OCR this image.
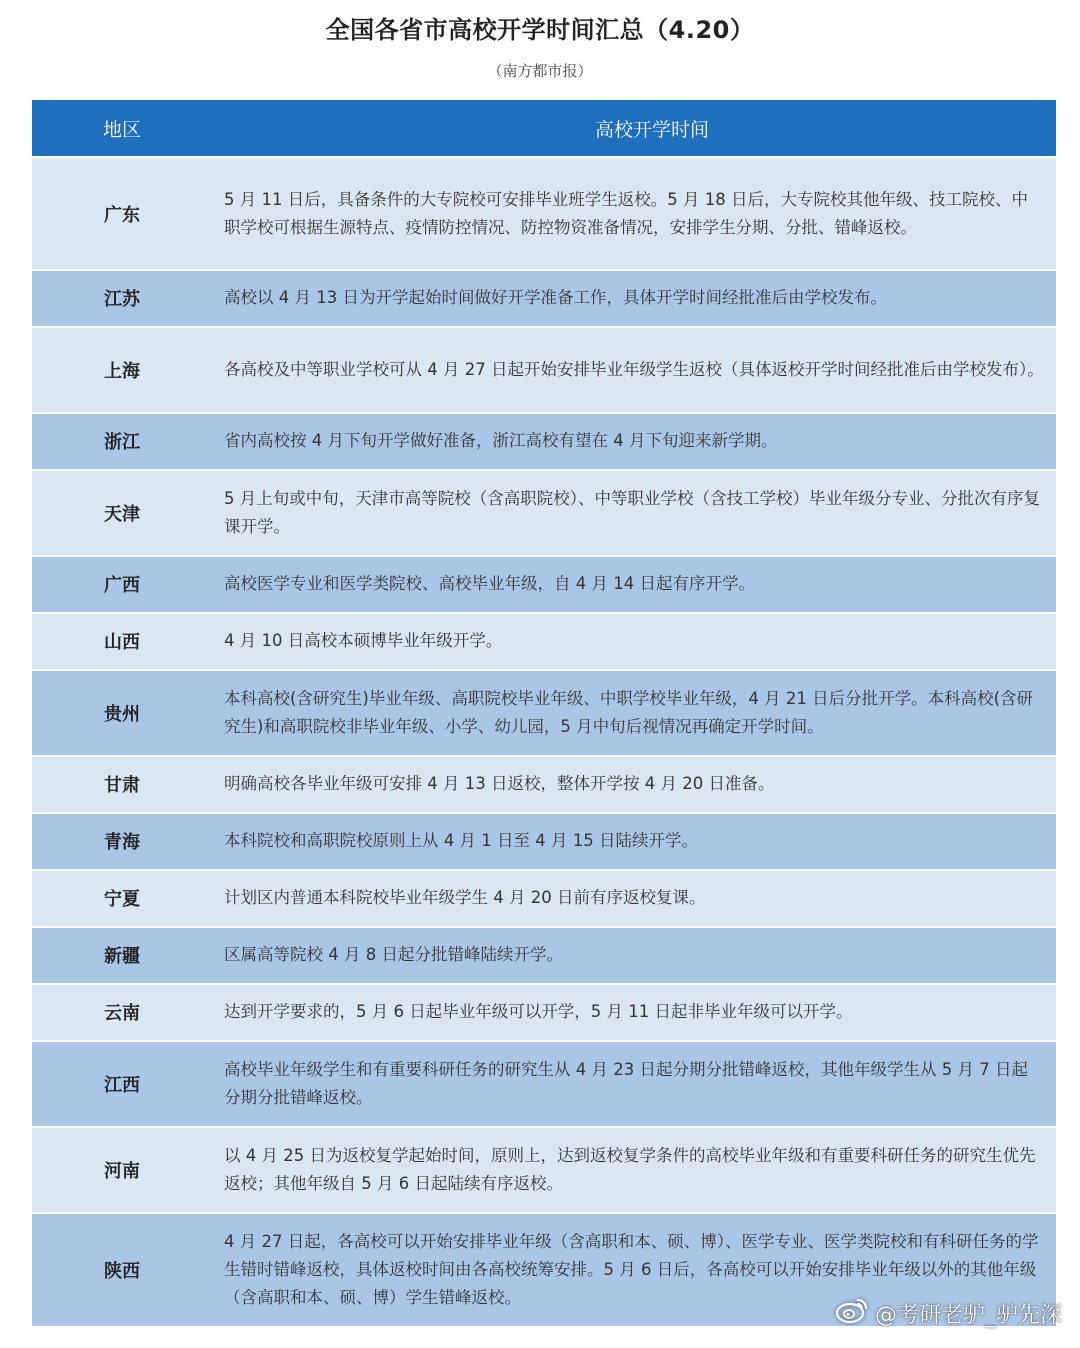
全国各省市高校开学时间汇总（4.20）
（南方都市报）
地区	高校开学时间
广东	5 月 11 日后，具备条件的大专院校可安排毕业班学生返校。5 月 18 日后，大专院校其他年级、技工院校、中职学校可根据生源特点、疫情防控情况、防控物资准备情况，安排学生分期、分批、错峰返校。
江苏	高校以 4 月 13 日为开学起始时间做好开学准备工作，具体开学时间经批准后由学校发布。
上海	各高校及中等职业学校可从 4 月 27 日起开始安排毕业年级学生返校（具体返校开学时间经批准后由学校发布）。
浙江	省内高校按 4 月下旬开学做好准备，浙江高校有望在 4 月下旬迎来新学期。
天津	5 月上旬或中旬，天津市高等院校（含高职院校）、中等职业学校（含技工学校）毕业年级分专业、分批次有序复课开学。
广西	高校医学专业和医学类院校、高校毕业年级，自 4 月 14 日起有序开学。
山西	4 月 10 日高校本硕博毕业年级开学。
贵州	本科高校(含研究生)毕业年级、高职院校毕业年级、中职学校毕业年级，4 月 21 日后分批开学。本科高校(含研究生)和高职院校非毕业年级、小学、幼儿园，5 月中旬后视情况再确定开学时间。
甘肃	明确高校各毕业年级可安排 4 月 13 日返校，整体开学按 4 月 20 日准备。
青海	本科院校和高职院校原则上从 4 月 1 日至 4 月 15 日陆续开学。
宁夏	计划区内普通本科院校毕业年级学生 4 月 20 日前有序返校复课。
新疆	区属高等院校 4 月 8 日起分批错峰陆续开学。
云南	达到开学要求的，5 月 6 日起毕业年级可以开学，5 月 11 日起非毕业年级可以开学。
江西	高校毕业年级学生和有重要科研任务的研究生从 4 月 23 日起分期分批错峰返校，其他年级学生从 5 月 7 日起分期分批错峰返校。
河南	以 4 月 25 日为返校复学起始时间，原则上，达到返校复学条件的高校毕业年级和有重要科研任务的研究生优先返校；其他年级自 5 月 6 日起陆续有序返校。
陕西	4 月 27 日起，各高校可以开始安排毕业年级（含高职和本、硕、博）、医学专业、医学类院校和有科研任务的学生错时错峰返校，具体返校时间由各高校统筹安排。5 月 6 日后，各高校可以开始安排毕业年级以外的其他年级（含高职和本、硕、博）学生错峰返校。
@考研老驴_驴先深
